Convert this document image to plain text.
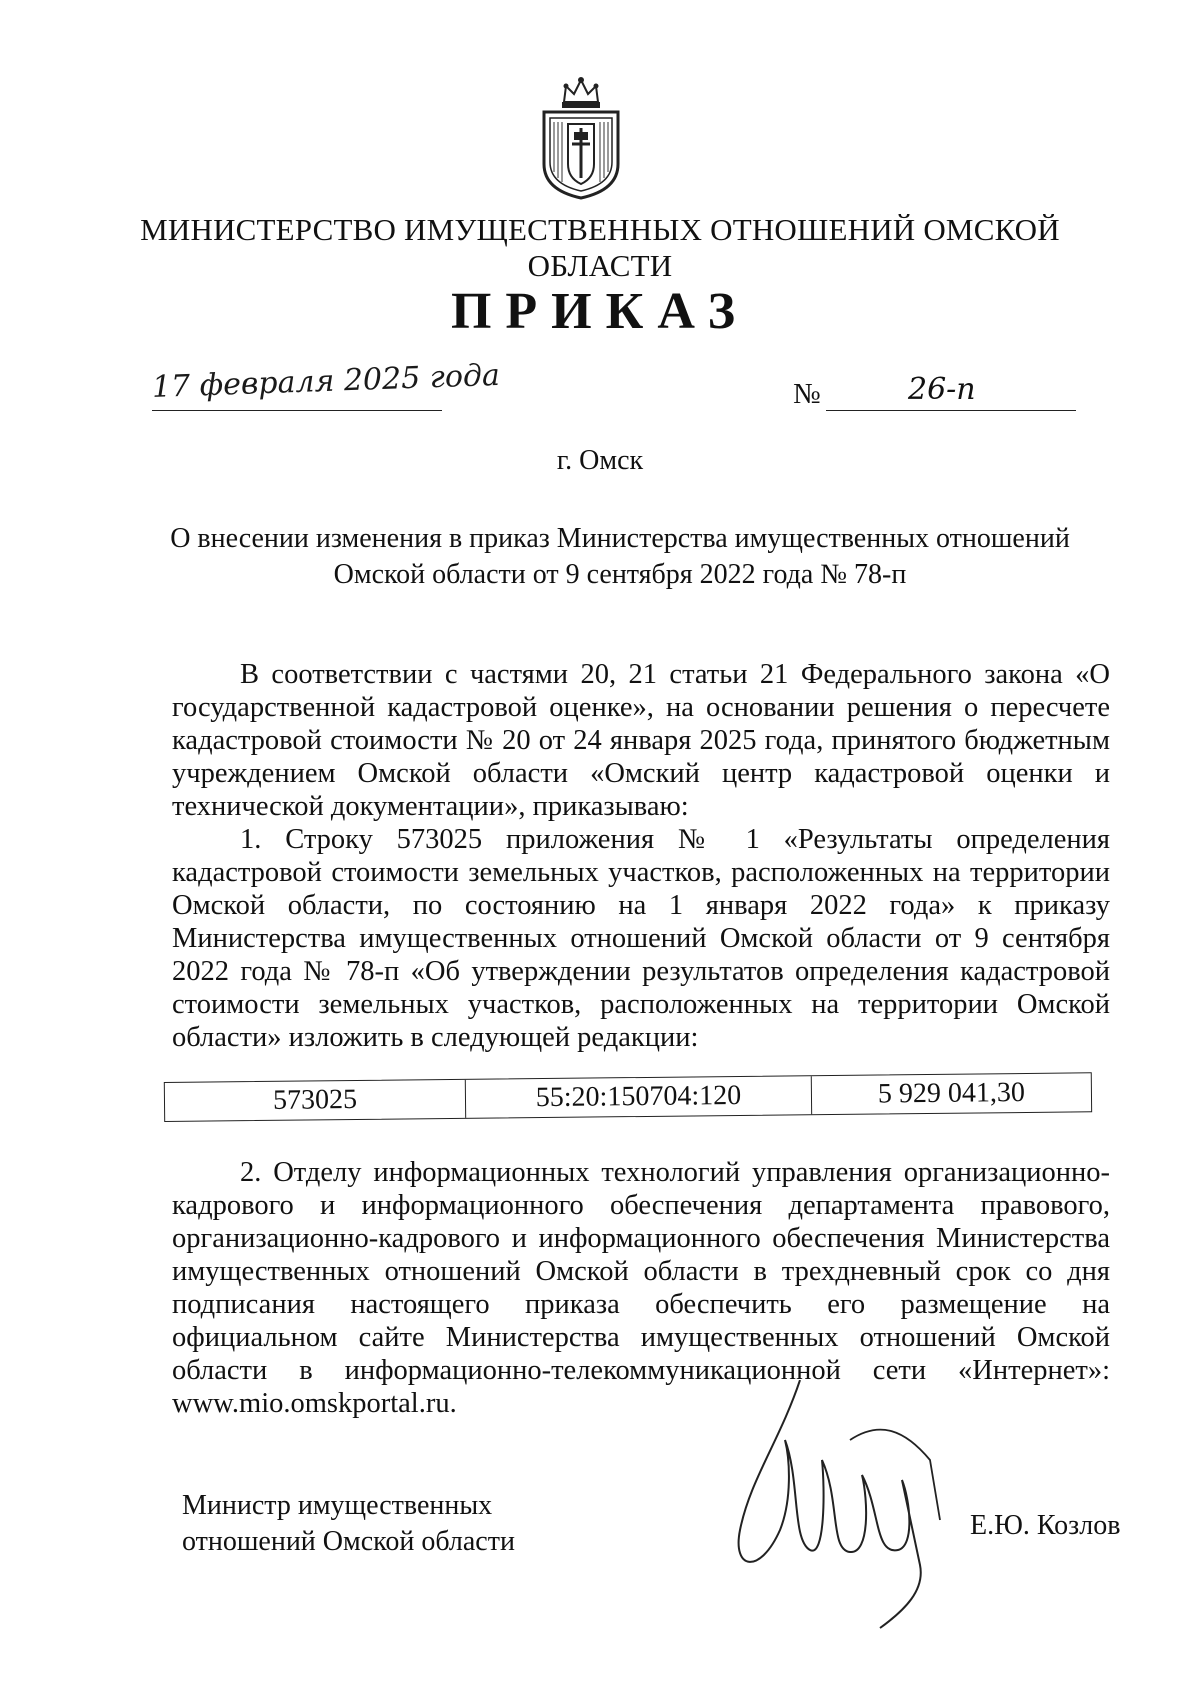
МИНИСТЕРСТВО ИМУЩЕСТВЕННЫХ ОТНОШЕНИЙ ОМСКОЙ ОБЛАСТИ
ПРИКАЗ
17 февраля 2025 года	№	26-п
г. Омск
О внесении изменения в приказ Министерства имущественных отношений
Омской области от 9 сентября 2022 года № 78-п

В соответствии с частями 20, 21 статьи 21 Федерального закона «О государственной кадастровой оценке», на основании решения о пересчете кадастровой стоимости № 20 от 24 января 2025 года, принятого бюджетным учреждением Омской области «Омский центр кадастровой оценки и технической документации», приказываю:

1. Строку 573025 приложения № 1 «Результаты определения кадастровой стоимости земельных участков, расположенных на территории Омской области, по состоянию на 1 января 2022 года» к приказу Министерства имущественных отношений Омской области от 9 сентября 2022 года № 78-п «Об утверждении результатов определения кадастровой стоимости земельных участков, расположенных на территории Омской области» изложить в следующей редакции:

573025	55:20:150704:120	5 929 041,30

2. Отделу информационных технологий управления организационно-кадрового и информационного обеспечения департамента правового, организационно-кадрового и информационного обеспечения Министерства имущественных отношений Омской области в трехдневный срок со дня подписания настоящего приказа обеспечить его размещение на официальном сайте Министерства имущественных отношений Омской области в информационно-телекоммуникационной сети «Интернет»: www.mio.omskportal.ru.

Министр имущественных
отношений Омской области
Е.Ю. Козлов
